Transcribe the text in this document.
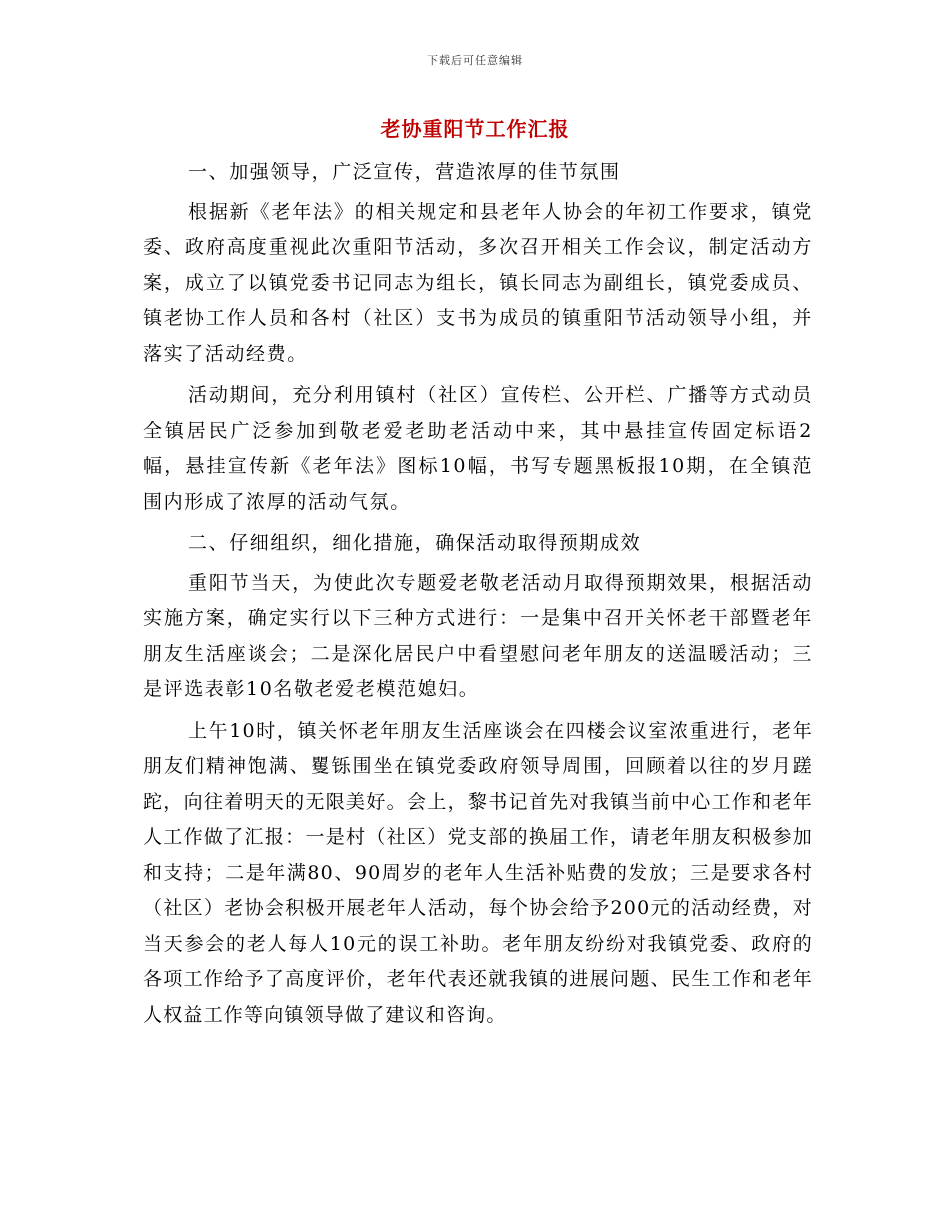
下载后可任意编辑
老协重阳节工作汇报

一、加强领导，广泛宣传，营造浓厚的佳节氛围

根据新《老年法》的相关规定和县老年人协会的年初工作要求，镇党委、政府高度重视此次重阳节活动，多次召开相关工作会议，制定活动方案，成立了以镇党委书记同志为组长，镇长同志为副组长，镇党委成员、镇老协工作人员和各村（社区）支书为成员的镇重阳节活动领导小组，并落实了活动经费。

活动期间，充分利用镇村（社区）宣传栏、公开栏、广播等方式动员全镇居民广泛参加到敬老爱老助老活动中来，其中悬挂宣传固定标语2幅，悬挂宣传新《老年法》图标10幅，书写专题黑板报10期，在全镇范围内形成了浓厚的活动气氛。

二、仔细组织，细化措施，确保活动取得预期成效

重阳节当天，为使此次专题爱老敬老活动月取得预期效果，根据活动实施方案，确定实行以下三种方式进行：一是集中召开关怀老干部暨老年朋友生活座谈会；二是深化居民户中看望慰问老年朋友的送温暖活动；三是评选表彰10名敬老爱老模范媳妇。

上午10时，镇关怀老年朋友生活座谈会在四楼会议室浓重进行，老年朋友们精神饱满、矍铄围坐在镇党委政府领导周围，回顾着以往的岁月蹉跎，向往着明天的无限美好。会上，黎书记首先对我镇当前中心工作和老年人工作做了汇报：一是村（社区）党支部的换届工作，请老年朋友积极参加和支持；二是年满80、90周岁的老年人生活补贴费的发放；三是要求各村（社区）老协会积极开展老年人活动，每个协会给予200元的活动经费，对当天参会的老人每人10元的误工补助。老年朋友纷纷对我镇党委、政府的各项工作给予了高度评价，老年代表还就我镇的进展问题、民生工作和老年人权益工作等向镇领导做了建议和咨询。
